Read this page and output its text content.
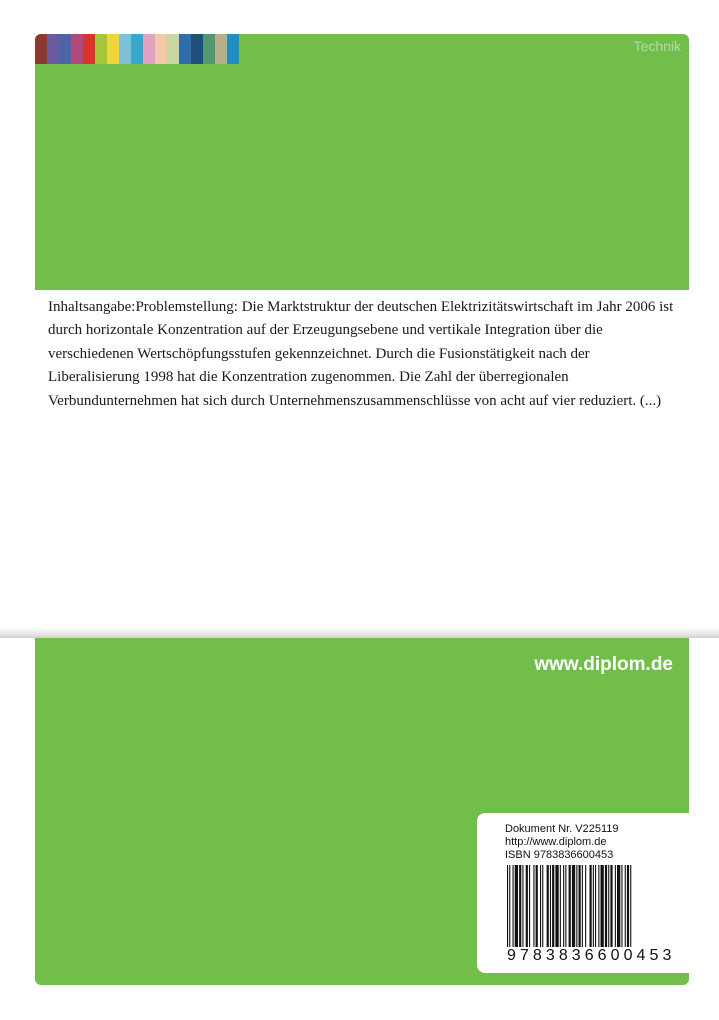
Technik
Inhaltsangabe:Problemstellung: Die Marktstruktur der deutschen Elektrizitätswirtschaft im Jahr 2006 ist durch horizontale Konzentration auf der Erzeugungsebene und vertikale Integration über die verschiedenen Wertschöpfungsstufen gekennzeichnet. Durch die Fusionstätigkeit nach der Liberalisierung 1998 hat die Konzentration zugenommen. Die Zahl der überregionalen Verbundunternehmen hat sich durch Unternehmenszusammenschlüsse von acht auf vier reduziert. (...)
www.diplom.de
Dokument Nr. V225119
http://www.diplom.de
ISBN 9783836600453
9 7 8 3 8 3 6 6 0 0 4 5 3
